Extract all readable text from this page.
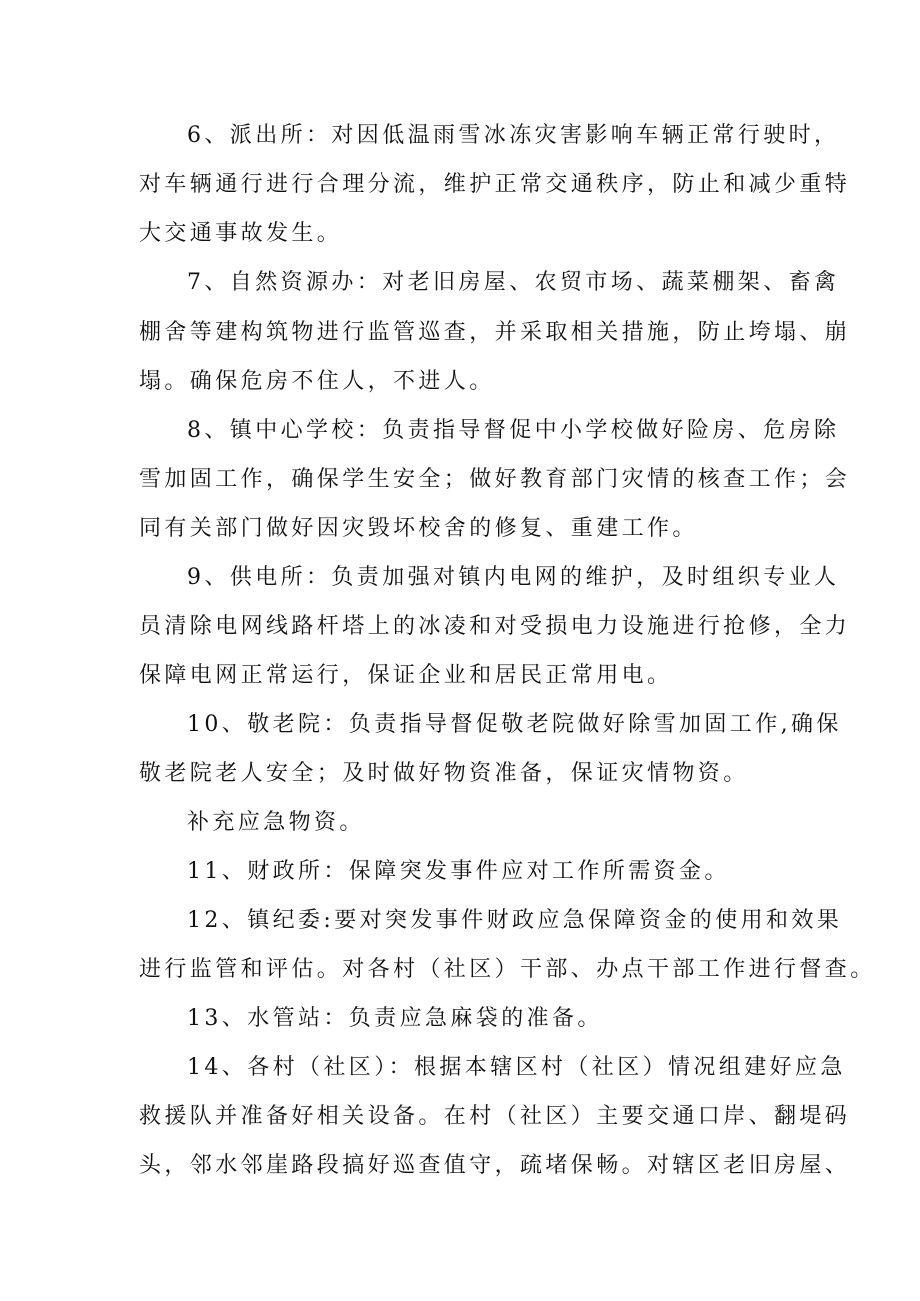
6、派出所：对因低温雨雪冰冻灾害影响车辆正常行驶时，
对车辆通行进行合理分流，维护正常交通秩序，防止和减少重特
大交通事故发生。
7、自然资源办：对老旧房屋、农贸市场、蔬菜棚架、畜禽
棚舍等建构筑物进行监管巡查，并采取相关措施，防止垮塌、崩
塌。确保危房不住人，不进人。
8、镇中心学校：负责指导督促中小学校做好险房、危房除
雪加固工作，确保学生安全；做好教育部门灾情的核查工作；会
同有关部门做好因灾毁坏校舍的修复、重建工作。
9、供电所：负责加强对镇内电网的维护，及时组织专业人
员清除电网线路杆塔上的冰凌和对受损电力设施进行抢修，全力
保障电网正常运行，保证企业和居民正常用电。
10、敬老院：负责指导督促敬老院做好除雪加固工作,确保
敬老院老人安全；及时做好物资准备，保证灾情物资。
补充应急物资。
11、财政所：保障突发事件应对工作所需资金。
12、镇纪委:要对突发事件财政应急保障资金的使用和效果
进行监管和评估。对各村（社区）干部、办点干部工作进行督查。
13、水管站：负责应急麻袋的准备。
14、各村（社区）：根据本辖区村（社区）情况组建好应急
救援队并准备好相关设备。在村（社区）主要交通口岸、翻堤码
头，邻水邻崖路段搞好巡查值守，疏堵保畅。对辖区老旧房屋、
